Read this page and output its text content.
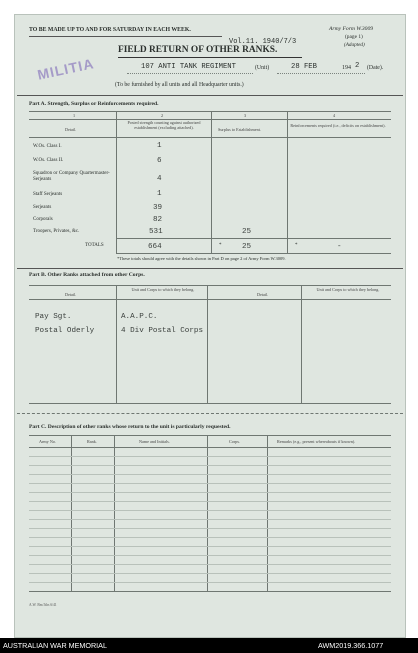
TO BE MADE UP TO AND FOR SATURDAY IN EACH WEEK.	Army Form W.3009
(page 1)
(Adapted)
Vol.11. 1940/7/3
FIELD RETURN OF OTHER RANKS.
107 ANTI TANK REGIMENT	(Unit)	28 FEB	194 2 (Date).
MILITIA
(To be furnished by all units and all Headquarter units.)
Part A. Strength, Surplus or Reinforcements required.
1	2	3	4
Detail.
Posted strength counting against authorized establishment (excluding attached).	Surplus to Establishment.
Reinforcements required (i.e., deficits on establishment).
W.Os. Class I.	1
W.Os. Class II.	6
Squadron or Company Quartermaster-Serjeants	4
Staff Serjeants	1
Serjeants	39
Corporals	82
Troopers, Privates, &c.	531	25
TOTALS	664	*	25	*	-
*These totals should agree with the details shown in Part D on page 2 of Army Form W.3009.
Part B. Other Ranks attached from other Corps.
Detail.
Unit and Corps to which they belong.
Detail.
Unit and Corps to which they belong.
Pay Sgt.	A.A.P.C.
Postal Oderly	4 Div Postal Corps
Part C. Description of other ranks whose return to the unit is particularly requested.
Army No.	Rank.	Name and Initials.	Corps.	Remarks (e.g., present whereabouts if known).
A.W. Bm 5ths 6/41
AUSTRALIAN WAR MEMORIAL	AWM2019.366.1077
